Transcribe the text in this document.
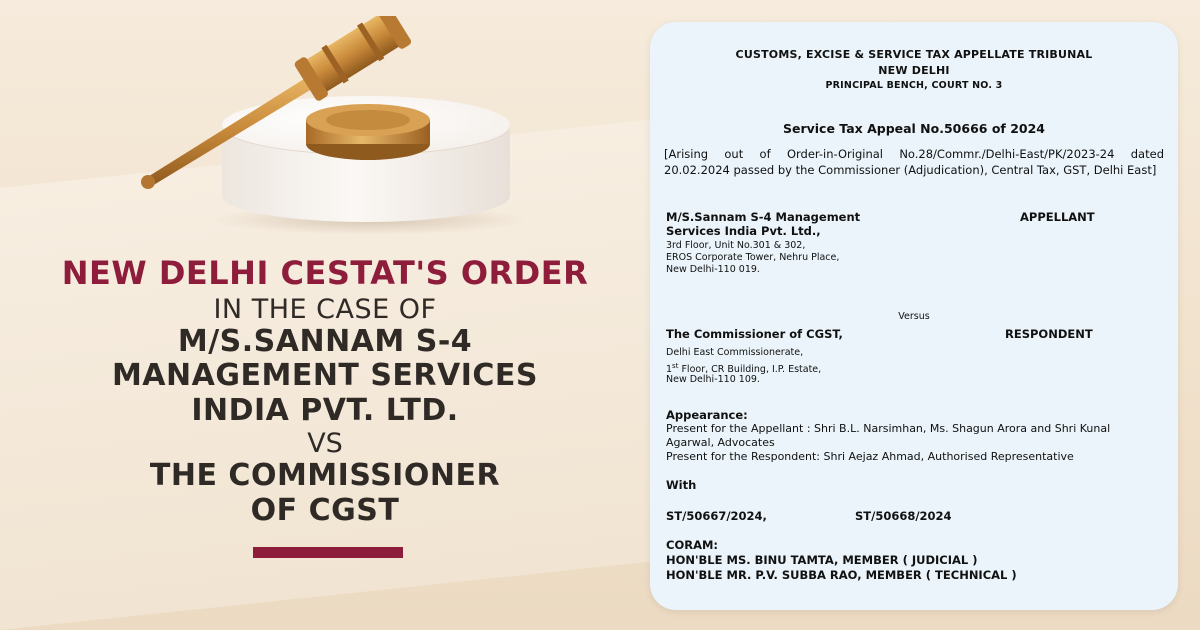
NEW DELHI CESTAT'S ORDER
IN THE CASE OF
M/S.SANNAM S-4
MANAGEMENT SERVICES
INDIA PVT. LTD.
VS
THE COMMISSIONER
OF CGST
CUSTOMS, EXCISE & SERVICE TAX APPELLATE TRIBUNAL
NEW DELHI
PRINCIPAL BENCH, COURT NO. 3
Service Tax Appeal No.50666 of 2024
[Arising out of Order-in-Original No.28/Commr./Delhi-East/PK/2023-24 dated 20.02.2024 passed by the Commissioner (Adjudication), Central Tax, GST, Delhi East]
M/S.Sannam S-4 Management
Services India Pvt. Ltd.,
3rd Floor, Unit No.301 & 302,
EROS Corporate Tower, Nehru Place,
New Delhi-110 019.
APPELLANT
Versus
The Commissioner of CGST,	RESPONDENT
Delhi East Commissionerate,
1st Floor, CR Building, I.P. Estate,
New Delhi-110 109.
Appearance:
Present for the Appellant : Shri B.L. Narsimhan, Ms. Shagun Arora and Shri Kunal
Agarwal, Advocates
Present for the Respondent: Shri Aejaz Ahmad, Authorised Representative
With
ST/50667/2024,	ST/50668/2024
CORAM:
HON'BLE MS. BINU TAMTA, MEMBER ( JUDICIAL )
HON'BLE MR. P.V. SUBBA RAO, MEMBER ( TECHNICAL )
